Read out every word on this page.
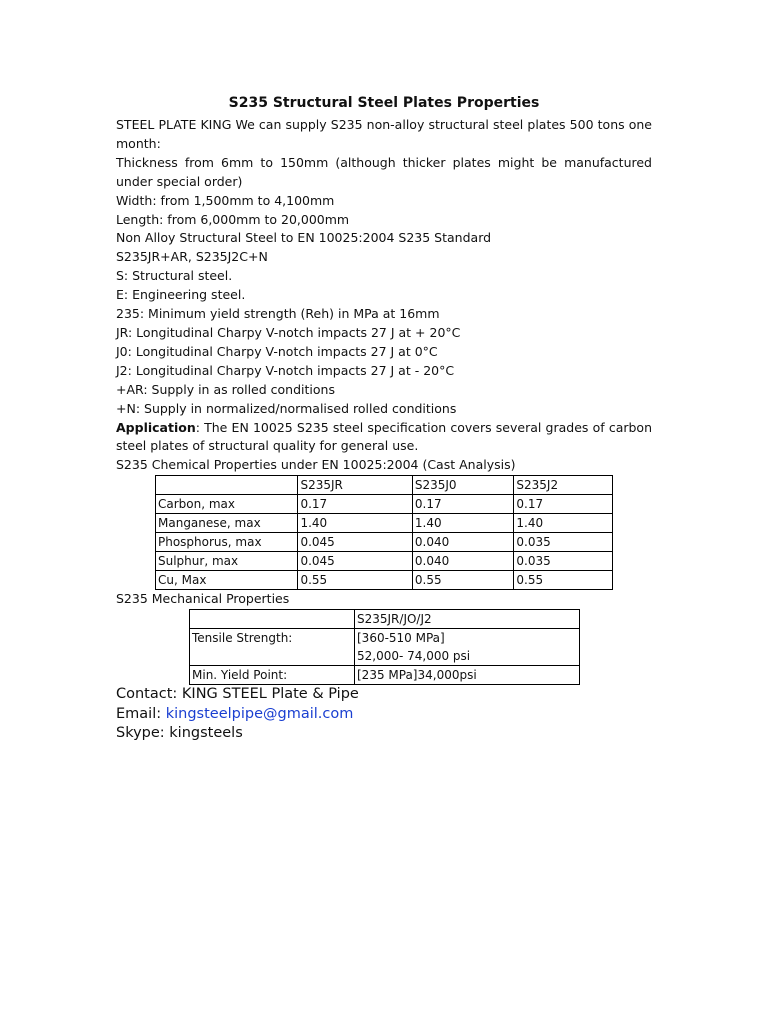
S235 Structural Steel Plates Properties
STEEL PLATE KING We can supply S235 non-alloy structural steel plates 500 tons one month:
Thickness from 6mm to 150mm (although thicker plates might be manufactured under special order)
Width: from 1,500mm to 4,100mm
Length: from 6,000mm to 20,000mm
Non Alloy Structural Steel to EN 10025:2004 S235 Standard
S235JR+AR, S235J2C+N
S: Structural steel.
E: Engineering steel.
235: Minimum yield strength (Reh) in MPa at 16mm
JR: Longitudinal Charpy V-notch impacts 27 J at + 20°C
J0: Longitudinal Charpy V-notch impacts 27 J at 0°C
J2: Longitudinal Charpy V-notch impacts 27 J at - 20°C
+AR: Supply in as rolled conditions
+N: Supply in normalized/normalised rolled conditions
Application: The EN 10025 S235 steel specification covers several grades of carbon steel plates of structural quality for general use.
S235 Chemical Properties under EN 10025:2004 (Cast Analysis)
	S235JR	S235J0	S235J2
Carbon, max	0.17	0.17	0.17
Manganese, max	1.40	1.40	1.40
Phosphorus, max	0.045	0.040	0.035
Sulphur, max	0.045	0.040	0.035
Cu, Max	0.55	0.55	0.55
S235 Mechanical Properties
	S235JR/JO/J2
Tensile Strength:	[360-510 MPa]
52,000- 74,000 psi

Min. Yield Point:	[235 MPa]34,000psi
Contact: KING STEEL Plate & Pipe
Email: kingsteelpipe@gmail.com
Skype: kingsteels
